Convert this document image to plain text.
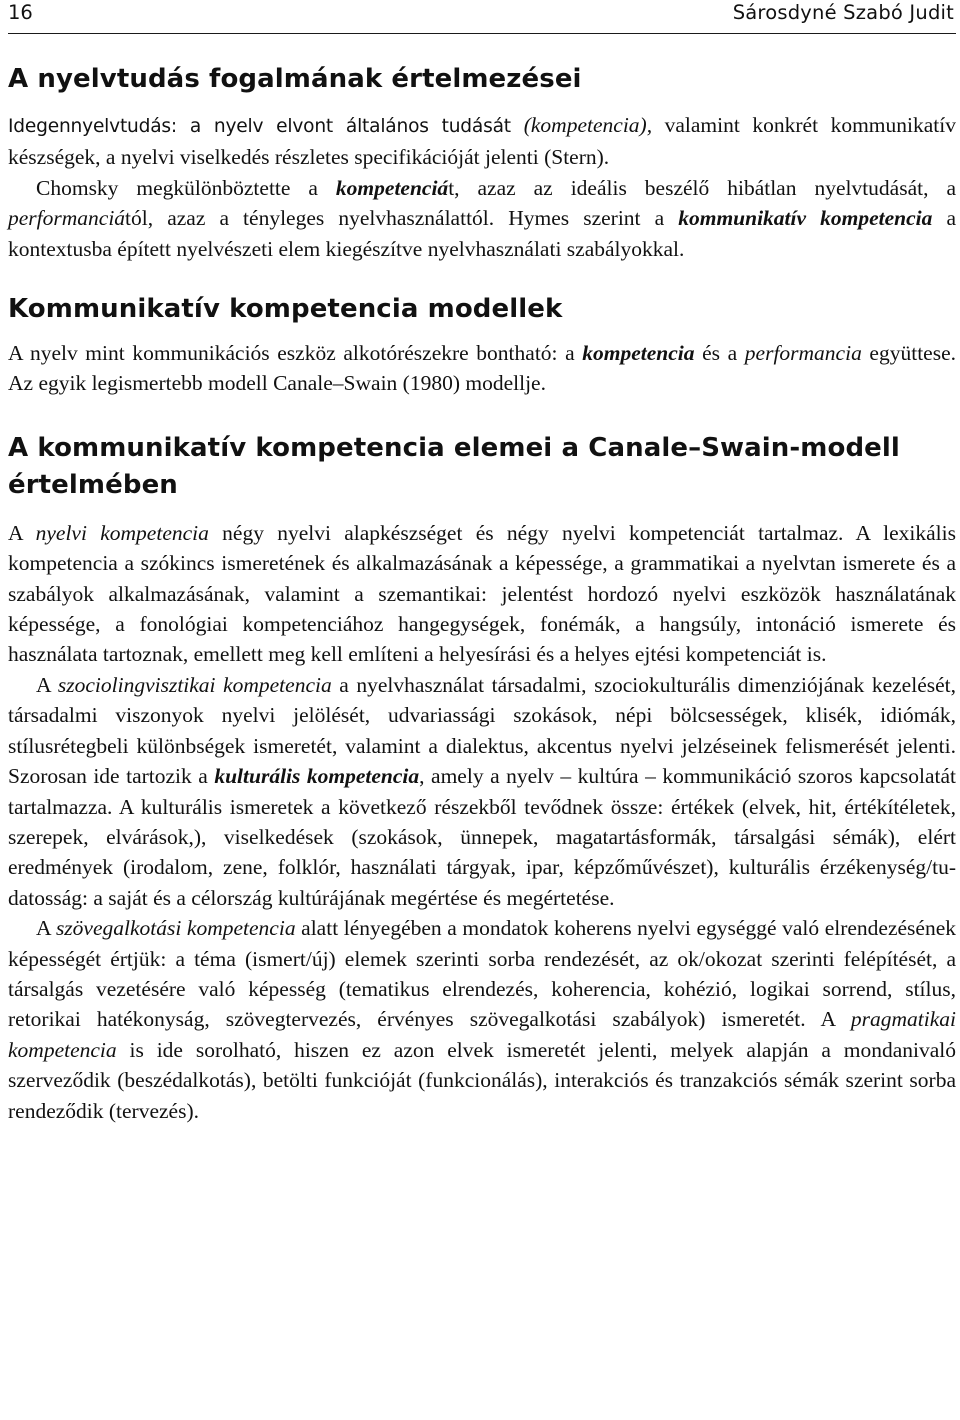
16	Sárosdyné Szabó Judit
A nyelvtudás fogalmának értelmezései

Idegennyelvtudás: a nyelv elvont általános tudását (kompetencia), valamint konkrét kommunikatív készségek, a nyelvi viselkedés részletes specifikációját jelenti (Stern).

Chomsky megkülönböztette a kompetenciát, azaz az ideális beszélő hibátlan nyelvtudását, a performanciától, azaz a tényleges nyelvhasználattól. Hymes szerint a kommunikatív kompetencia a kontextusba épített nyelvészeti elem kiegészítve nyelvhasználati szabályokkal.

Kommunikatív kompetencia modellek

A nyelv mint kommunikációs eszköz alkotórészekre bontható: a kompetencia és a performancia együttese. Az egyik legismertebb modell Canale–Swain (1980) modellje.

A kommunikatív kompetencia elemei a Canale–Swain-modell értelmében

A nyelvi kompetencia négy nyelvi alapkészséget és négy nyelvi kompetenciát tartalmaz. A lexikális kompetencia a szókincs ismeretének és alkalmazásának a képessége, a grammatikai a nyelvtan ismerete és a szabályok alkalmazásának, valamint a szemantikai: jelentést hordozó nyelvi eszközök használatának képessége, a fonológiai kompetenciához hangegységek, fonémák, a hangsúly, intonáció ismerete és használata tartoznak, emellett meg kell említeni a helyesírási és a helyes ejtési kompetenciát is.

A szociolingvisztikai kompetencia a nyelvhasználat társadalmi, szociokulturális dimenziójának kezelését, társadalmi viszonyok nyelvi jelölését, udvariassági szokások, népi bölcsességek, klisék, idiómák, stílusrétegbeli különbségek ismeretét, valamint a dialektus, akcentus nyelvi jelzéseinek felismerését jelenti. Szorosan ide tartozik a kulturális kompetencia, amely a nyelv – kultúra – kommunikáció szoros kapcsolatát tartalmazza. A kulturális ismeretek a következő részekből tevődnek össze: értékek (elvek, hit, értékítéletek, szerepek, elvárások,), viselkedések (szokások, ünnepek, magatartásformák, társalgási sémák), elért eredmények (irodalom, zene, folklór, használati tárgyak, ipar, képzőművészet), kulturális érzékenység/tudatosság: a saját és a célország kultúrájának megértése és megértetése.

A szövegalkotási kompetencia alatt lényegében a mondatok koherens nyelvi egységgé való elrendezésének képességét értjük: a téma (ismert/új) elemek szerinti sorba rendezését, az ok/okozat szerinti felépítését, a társalgás vezetésére való képesség (tematikus elrendezés, koherencia, kohézió, logikai sorrend, stílus, retorikai hatékonyság, szövegtervezés, érvényes szövegalkotási szabályok) ismeretét. A pragmatikai kompetencia is ide sorolható, hiszen ez azon elvek ismeretét jelenti, melyek alapján a mondanivaló szerveződik (beszédalkotás), betölti funkcióját (funkcionálás), interakciós és tranzakciós sémák szerint sorba rendeződik (tervezés).
